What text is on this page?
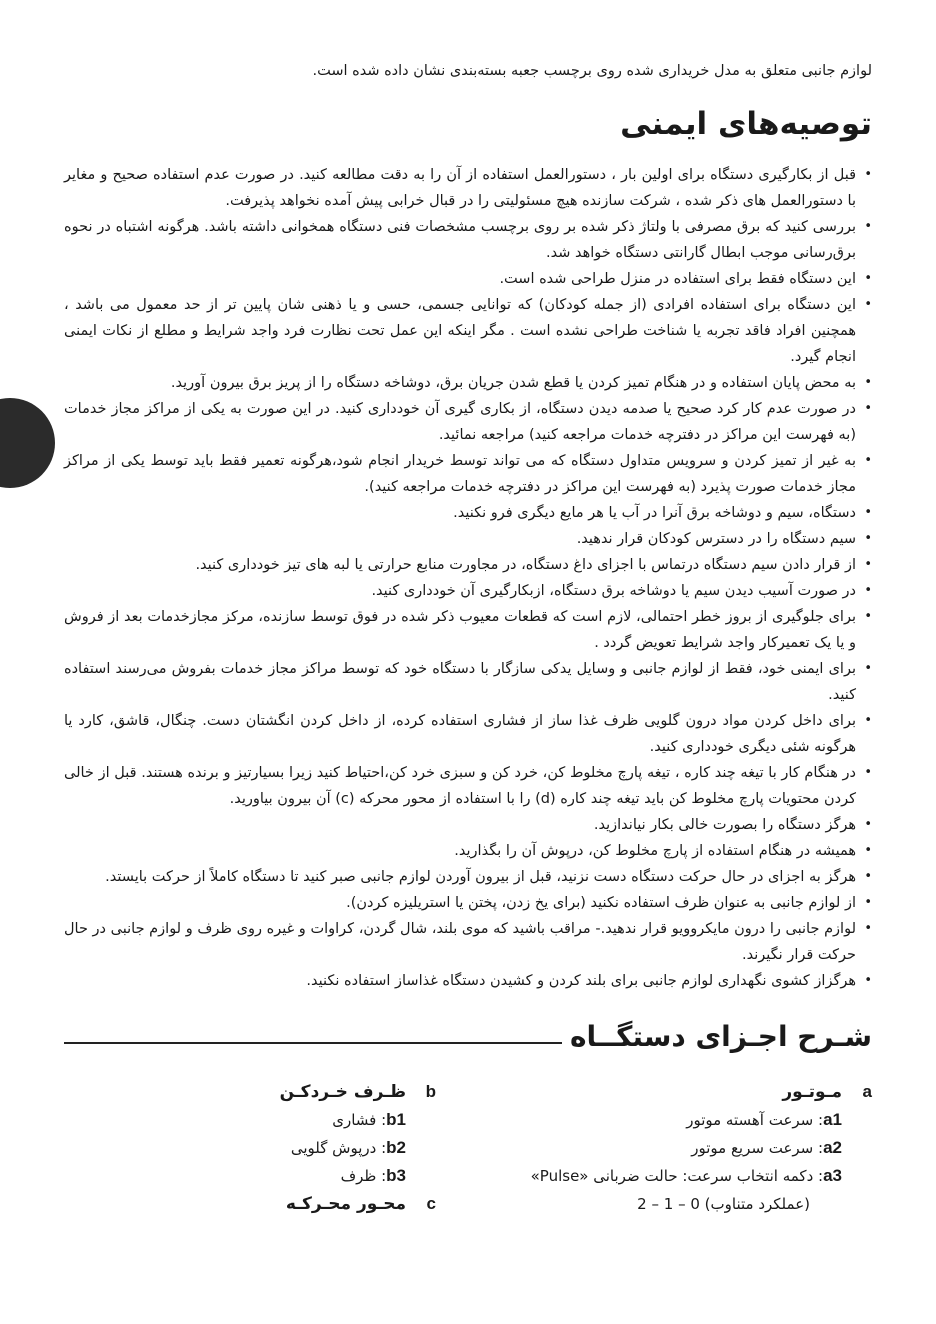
لوازم جانبی متعلق به مدل خریداری شده روی برچسب جعبه بسته‌بندی نشان داده شده است.

توصیه‌های ایمنی
• قبل از بکارگیری دستگاه برای اولین بار ، دستورالعمل استفاده از آن را به دقت مطالعه کنید. در صورت عدم استفاده صحیح و مغایر با دستورالعمل های ذکر شده ، شرکت سازنده هیچ مسئولیتی را در قبال خرابی پیش آمده نخواهد پذیرفت.
• بررسی کنید که برق مصرفی با ولتاژ ذکر شده بر روی برچسب مشخصات فنی دستگاه همخوانی داشته باشد. هرگونه اشتباه در نحوه برق‌رسانی موجب ابطال گارانتی دستگاه خواهد شد.
• این دستگاه فقط برای استفاده در منزل طراحی شده است.
• این دستگاه برای استفاده افرادی (از جمله کودکان) که توانایی جسمی، حسی و یا ذهنی شان پایین تر از حد معمول می باشد ، همچنین افراد فاقد تجربه یا شناخت طراحی نشده است . مگر اینکه این عمل تحت نظارت فرد واجد شرایط و مطلع از نکات ایمنی انجام گیرد.
• به محض پایان استفاده و در هنگام تمیز کردن یا قطع شدن جریان برق، دوشاخه دستگاه را از پریز برق بیرون آورید.
• در صورت عدم کار کرد صحیح یا صدمه دیدن دستگاه، از بکاری گیری آن خودداری کنید. در این صورت به یکی از مراکز مجاز خدمات (به فهرست این مراکز در دفترچه خدمات مراجعه کنید) مراجعه نمائید.
• به غیر از تمیز کردن و سرویس متداول دستگاه که می تواند توسط خریدار انجام شود،هرگونه تعمیر فقط باید توسط یکی از مراکز مجاز خدمات صورت پذیرد (به فهرست این مراکز در دفترچه خدمات مراجعه کنید).
• دستگاه، سیم و دوشاخه برق آنرا در آب یا هر مایع دیگری فرو نکنید.
• سیم دستگاه را در دسترس کودکان قرار ندهید.
• از قرار دادن سیم دستگاه درتماس با اجزای داغ دستگاه، در مجاورت منابع حرارتی یا لبه های تیز خودداری کنید.
• در صورت آسیب دیدن سیم یا دوشاخه برق دستگاه، ازبکارگیری آن خودداری کنید.
• برای جلوگیری از بروز خطر احتمالی، لازم است که قطعات معیوب ذکر شده در فوق توسط سازنده، مرکز مجازخدمات بعد از فروش و یا یک تعمیرکار واجد شرایط تعویض گردد .
• برای ایمنی خود، فقط از لوازم جانبی و وسایل یدکی سازگار با دستگاه خود که توسط مراکز مجاز خدمات بفروش می‌رسند استفاده کنید.
• برای داخل کردن مواد درون گلویی ظرف غذا ساز از فشاری استفاده کرده، از داخل کردن انگشتان دست. چنگال، قاشق، کارد یا هرگونه شئی دیگری خودداری کنید.
• در هنگام کار با تیغه چند کاره ، تیغه پارچ مخلوط کن، خرد کن و سبزی خرد کن،احتیاط کنید زیرا بسیارتیز و برنده هستند. قبل از خالی کردن محتویات پارچ مخلوط کن باید تیغه چند کاره (d) را با استفاده از محور محرکه (c) آن بیرون بیاورید.
• هرگز دستگاه را بصورت خالی بکار نیاندازید.
• همیشه در هنگام استفاده از پارچ مخلوط کن، درپوش آن را بگذارید.
• هرگز به اجزای در حال حرکت دستگاه دست نزنید، قبل از بیرون آوردن لوازم جانبی صبر کنید تا دستگاه کاملاً از حرکت بایستد.
• از لوازم جانبی به عنوان ظرف استفاده نکنید (برای یخ زدن، پختن یا استریلیزه کردن).
• لوازم جانبی را درون مایکروویو قرار ندهید.- مراقب باشید که موی بلند، شال گردن، کراوات و غیره روی ظرف و لوازم جانبی در حال حرکت قرار نگیرند.
• هرگزاز کشوی نگهداری لوازم جانبی برای بلند کردن و کشیدن دستگاه غذاساز استفاده نکنید.
شـرح اجـزای دستگــاه
a
مـوتـور
a1
: سرعت آهسته موتور
a2
: سرعت سریع موتور
a3
: دکمه انتخاب سرعت: حالت ضربانی «Pulse»
(عملکرد متناوب) 0 – 1 – 2
b
ظـرف خـردکـن
b1
: فشاری
b2
: درپوش گلویی
b3
: ظرف
c
محـور محـرکـه
